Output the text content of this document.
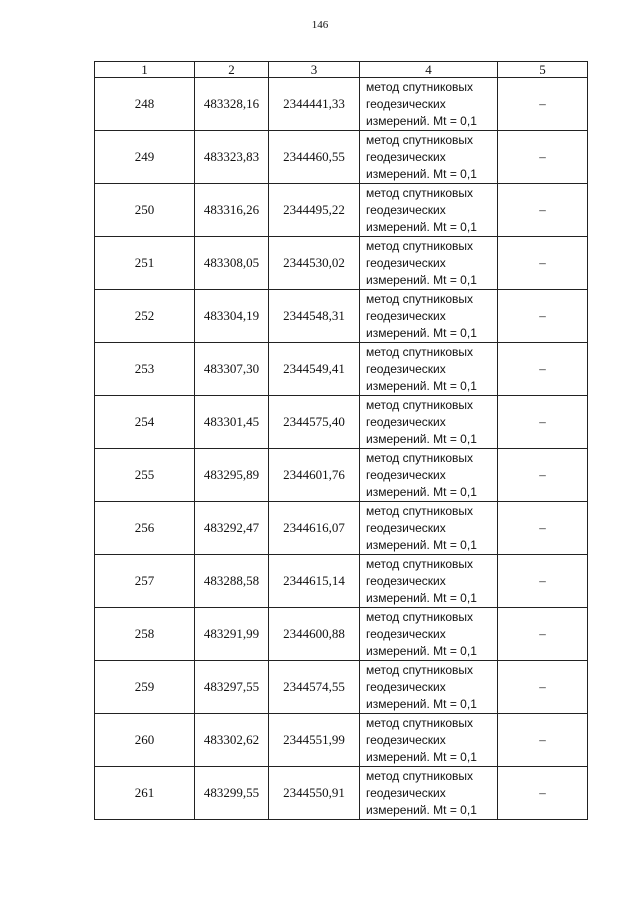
146
1	2	3	4	5
248	483328,16	2344441,33	метод спутниковых
геодезических
измерений. Mt = 0,1	–
249	483323,83	2344460,55	метод спутниковых
геодезических
измерений. Mt = 0,1	–
250	483316,26	2344495,22	метод спутниковых
геодезических
измерений. Mt = 0,1	–
251	483308,05	2344530,02	метод спутниковых
геодезических
измерений. Mt = 0,1	–
252	483304,19	2344548,31	метод спутниковых
геодезических
измерений. Mt = 0,1	–
253	483307,30	2344549,41	метод спутниковых
геодезических
измерений. Mt = 0,1	–
254	483301,45	2344575,40	метод спутниковых
геодезических
измерений. Mt = 0,1	–
255	483295,89	2344601,76	метод спутниковых
геодезических
измерений. Mt = 0,1	–
256	483292,47	2344616,07	метод спутниковых
геодезических
измерений. Mt = 0,1	–
257	483288,58	2344615,14	метод спутниковых
геодезических
измерений. Mt = 0,1	–
258	483291,99	2344600,88	метод спутниковых
геодезических
измерений. Mt = 0,1	–
259	483297,55	2344574,55	метод спутниковых
геодезических
измерений. Mt = 0,1	–
260	483302,62	2344551,99	метод спутниковых
геодезических
измерений. Mt = 0,1	–
261	483299,55	2344550,91	метод спутниковых
геодезических
измерений. Mt = 0,1	–
